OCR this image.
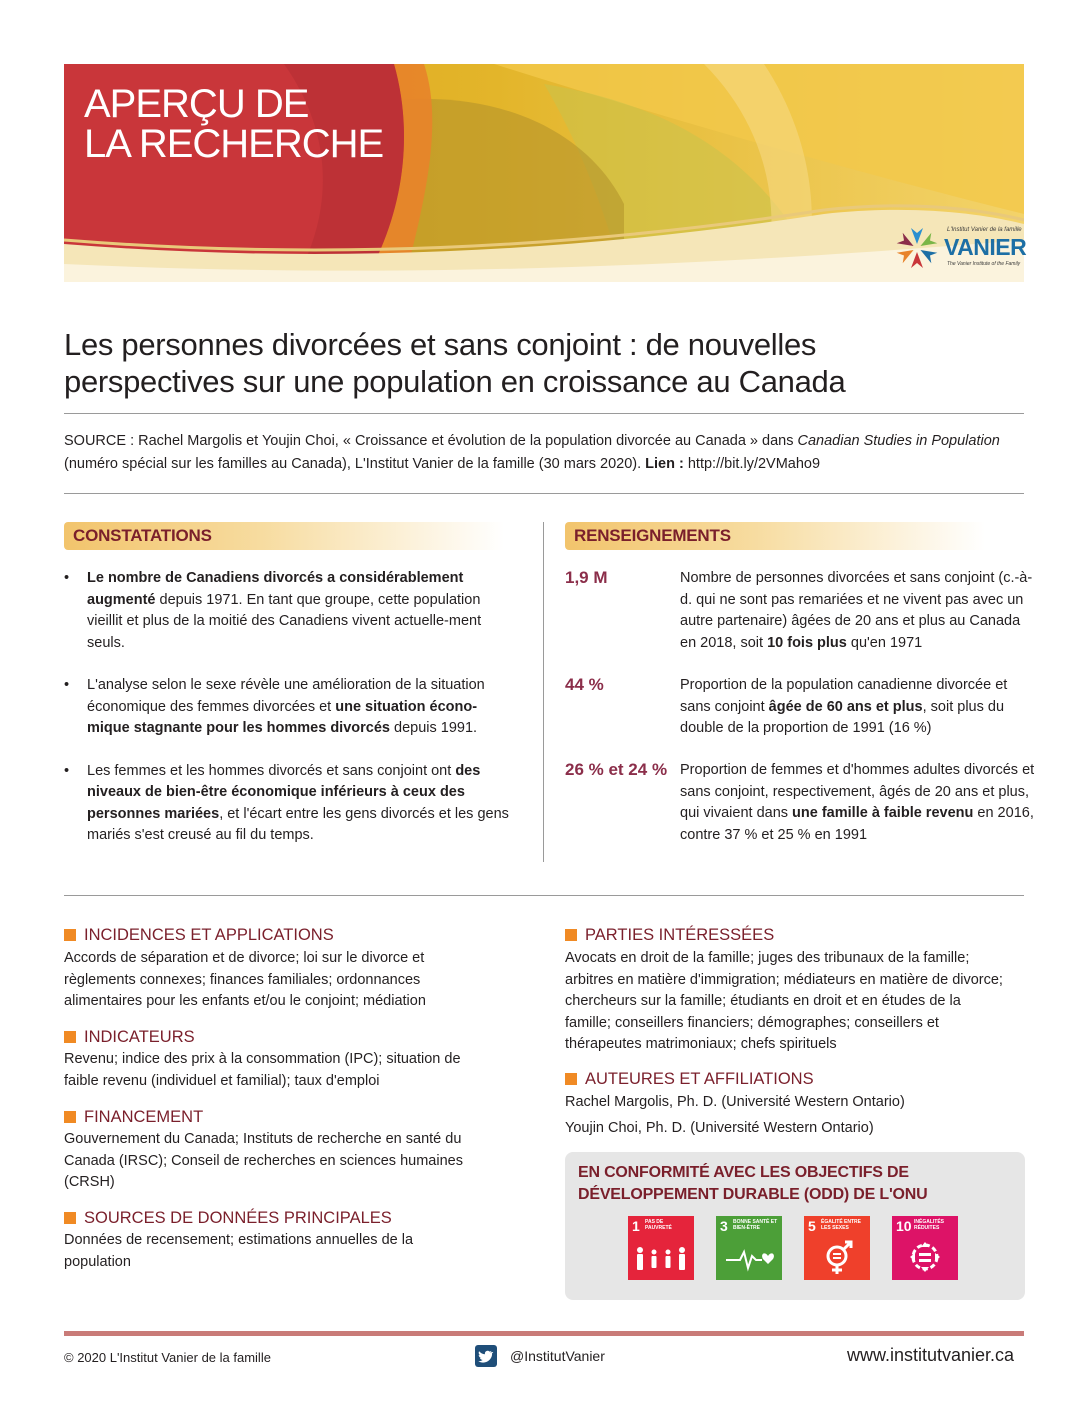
APERÇU DE
LA RECHERCHE
L'Institut Vanier de la famille
VANIER
The Vanier Institute of the Family
Les personnes divorcées et sans conjoint : de nouvelles perspectives sur une population en croissance au Canada

SOURCE : Rachel Margolis et Youjin Choi, « Croissance et évolution de la population divorcée au Canada » dans Canadian Studies in Population (numéro spécial sur les familles au Canada), L'Institut Vanier de la famille (30 mars 2020). Lien : http://bit.ly/2VMaho9

CONSTATATIONS
• Le nombre de Canadiens divorcés a considérablement augmenté depuis 1971. En tant que groupe, cette population vieillit et plus de la moitié des Canadiens vivent actuelle-ment seuls.
• L'analyse selon le sexe révèle une amélioration de la situation économique des femmes divorcées et une situation écono-mique stagnante pour les hommes divorcés depuis 1991.
• Les femmes et les hommes divorcés et sans conjoint ont des niveaux de bien-être économique inférieurs à ceux des personnes mariées, et l'écart entre les gens divorcés et les gens mariés s'est creusé au fil du temps.
RENSEIGNEMENTS
1,9 M	Nombre de personnes divorcées et sans conjoint (c.-à-d. qui ne sont pas remariées et ne vivent pas avec un autre partenaire) âgées de 20 ans et plus au Canada en 2018, soit 10 fois plus qu'en 1971
44 %	Proportion de la population canadienne divorcée et sans conjoint âgée de 60 ans et plus, soit plus du double de la proportion de 1991 (16 %)
26 % et 24 % Proportion de femmes et d'hommes adultes divorcés et sans conjoint, respectivement, âgés de 20 ans et plus, qui vivaient dans une famille à faible revenu en 2016, contre 37 % et 25 % en 1991
INCIDENCES ET APPLICATIONS
Accords de séparation et de divorce; loi sur le divorce et règlements connexes; finances familiales; ordonnances alimentaires pour les enfants et/ou le conjoint; médiation
INDICATEURS
Revenu; indice des prix à la consommation (IPC); situation de faible revenu (individuel et familial); taux d'emploi
FINANCEMENT
Gouvernement du Canada; Instituts de recherche en santé du Canada (IRSC); Conseil de recherches en sciences humaines (CRSH)
SOURCES DE DONNÉES PRINCIPALES
Données de recensement; estimations annuelles de la population
PARTIES INTÉRESSÉES
Avocats en droit de la famille; juges des tribunaux de la famille; arbitres en matière d'immigration; médiateurs en matière de divorce; chercheurs sur la famille; étudiants en droit et en études de la famille; conseillers financiers; démographes; conseillers et thérapeutes matrimoniaux; chefs spirituels
AUTEURES ET AFFILIATIONS
Rachel Margolis, Ph. D. (Université Western Ontario)
Youjin Choi, Ph. D. (Université Western Ontario)
EN CONFORMITÉ AVEC LES OBJECTIFS DE
DÉVELOPPEMENT DURABLE (ODD) DE L'ONU
1 PAS DE PAUVRETÉ	3 BONNE SANTÉ ET BIEN-ÊTRE	5 ÉGALITÉ ENTRE LES SEXES	10 INÉGALITÉS RÉDUITES
© 2020 L'Institut Vanier de la famille	@InstitutVanier	www.institutvanier.ca
